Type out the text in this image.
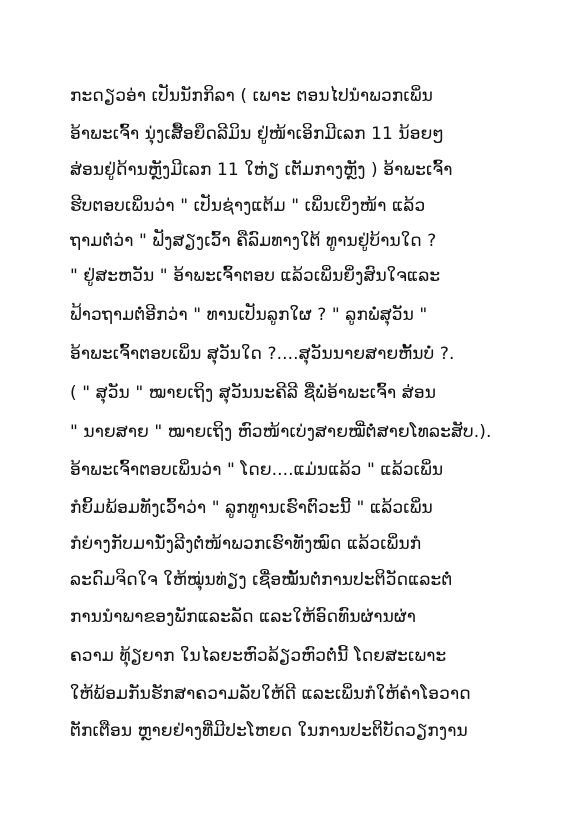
ກະດຽວອ່າ ເປັນນັກກິລາ ( ເພາະ ຕອນໄປນຳພວກເພິ່ນ
ອ້າພະເຈົ້າ ນຸ່ງເສື້ອຍຶດລີມິນ ຢູ່ໜ້າເອິກມີເລກ 11 ນ້ອຍໆ
ສ່ອນຢູ່ດ້ານຫຼັງມີເລກ 11 ໃຫ່ຽ ເຕັມກາງຫຼັງ ) ອ້າພະເຈົ້າ
ຮີບຕອບເພິ່ນວ່າ " ເປັນຊ່າງແຕ້ມ " ເພິ່ນເບິ່ງໜ້າ ແລ້ວ
ຖາມຕໍ່ວ່າ " ຟັງສຽງເວົ້າ ຄືລົມທາງໃຕ້ ທູານຢູ່ບ້ານໃດ ?
" ຢູ່ສະຫວັນ " ອ້າພະເຈົ້າຕອບ ແລ້ວເພິ່ນຍິ່ງສົນໃຈແລະ
ຟ້າວຖາມຕໍ່ອີກວ່າ " ທານເປັນລູກໃຜ ? " ລູກພໍ່ສຸວັນ "
ອ້າພະເຈົ້າຕອບເພິ່ນ ສຸວັນໃດ ?....ສຸວັນນາຍສາຍຫັ້ນບໍ່ ?.
( " ສຸວັນ " ໝາຍເຖິງ ສຸວັນນະຄີລີ ຊື່ພໍ່ອ້າພະເຈົ້າ ສ່ອນ
" ນາຍສາຍ " ໝາຍເຖິງ ຫົວໜ້າເບ່ງສາຍໝີ່ຕໍ່ສາຍໂທລະສັບ.).
ອ້າພະເຈົ້າຕອບເພິ່ນວ່າ " ໂດຍ....ແມ່ນແລ້ວ " ແລ້ວເພິ່ນ
ກໍຍິ້ມພ້ອມທັງເວົ້າວ່າ " ລູກທູານເຮົາຕົວະນີ້ " ແລ້ວເພິ່ນ
ກໍຍ່າງກັບມານັ່ງລີງຕໍ່ໜ້າພວກເຮົາທັງໝົດ ແລ້ວເພິ່ນກໍ
ລະດົມຈິດໃຈ ໃຫ້ໝຸ່ນທ່ຽງ ເຊື່ອໝັ້ນຕໍ່ການປະຕິວັດແລະຕໍ່
ການນຳພາຂອງພັກແລະລັດ ແລະໃຫ້ອົດທົນຜ່ານຜ່າ
ຄວາມ ທຸ້ຽຍາກ ໃນໄລຍະຫົວລ້ຽວຫົວຕໍ່ນີ້ ໂດຍສະເພາະ
ໃຫ້ພ້ອມກັນຮັກສາຄວາມລັບໃຫ້ດີ ແລະເພິ່ນກໍໃຫ້ຄຳໂອວາດ
ຕັກເຕືອນ ຫຼາຍຢ່າງທີ່ມີປະໂຫຍດ ໃນການປະຕິບັດວຽກງານ
